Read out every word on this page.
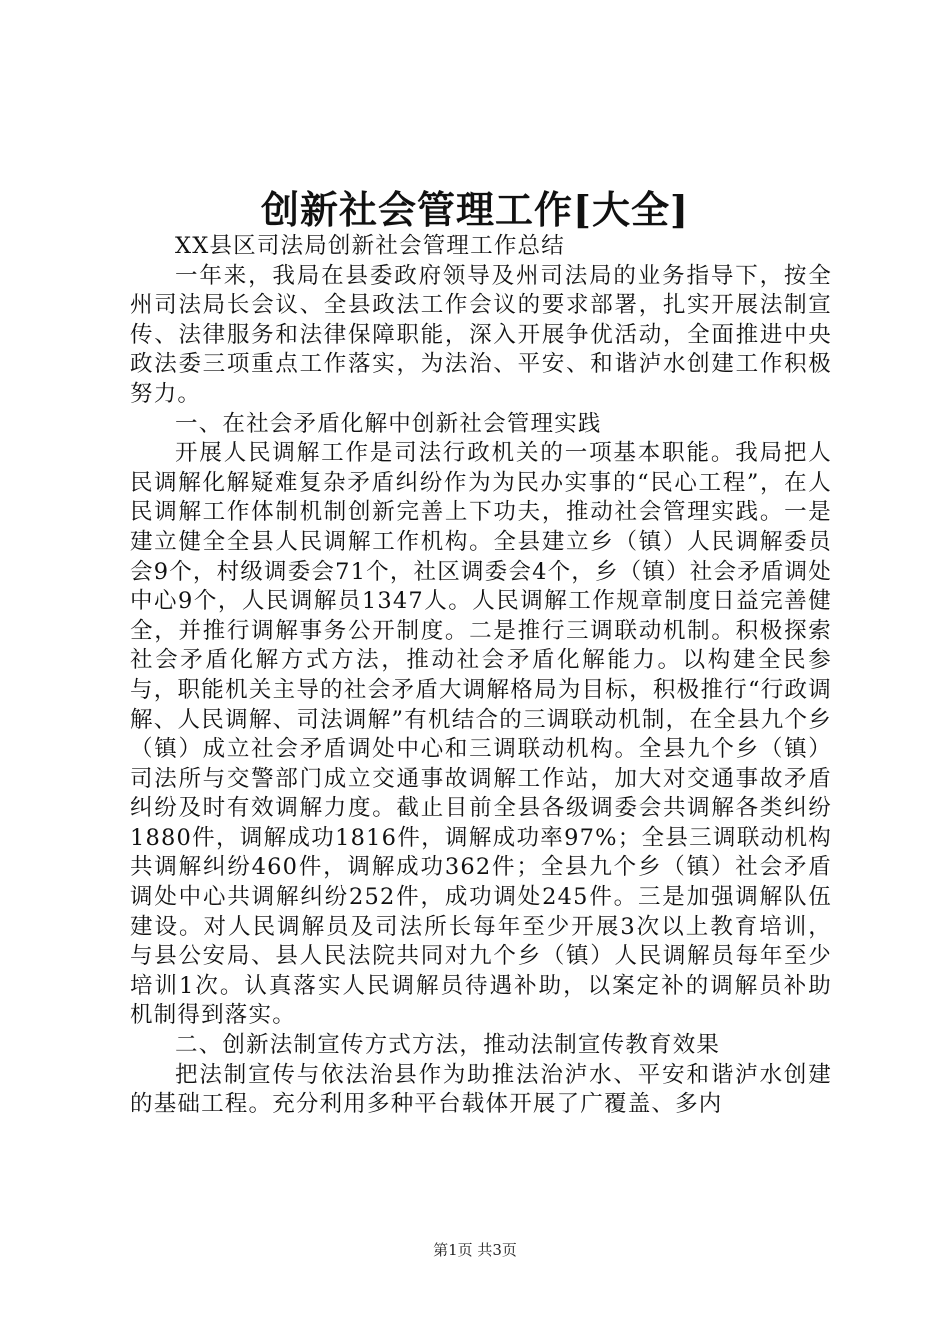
创新社会管理工作[大全]

XX县区司法局创新社会管理工作总结

一年来，我局在县委政府领导及州司法局的业务指导下，按全州司法局长会议、全县政法工作会议的要求部署，扎实开展法制宣传、法律服务和法律保障职能，深入开展争优活动，全面推进中央政法委三项重点工作落实，为法治、平安、和谐泸水创建工作积极努力。

一、在社会矛盾化解中创新社会管理实践

开展人民调解工作是司法行政机关的一项基本职能。我局把人民调解化解疑难复杂矛盾纠纷作为为民办实事的“民心工程”，在人民调解工作体制机制创新完善上下功夫，推动社会管理实践。一是建立健全全县人民调解工作机构。全县建立乡（镇）人民调解委员会9个，村级调委会71个，社区调委会4个，乡（镇）社会矛盾调处中心9个，人民调解员1347人。人民调解工作规章制度日益完善健全，并推行调解事务公开制度。二是推行三调联动机制。积极探索社会矛盾化解方式方法，推动社会矛盾化解能力。以构建全民参与，职能机关主导的社会矛盾大调解格局为目标，积极推行“行政调解、人民调解、司法调解”有机结合的三调联动机制，在全县九个乡（镇）成立社会矛盾调处中心和三调联动机构。全县九个乡（镇）司法所与交警部门成立交通事故调解工作站，加大对交通事故矛盾纠纷及时有效调解力度。截止目前全县各级调委会共调解各类纠纷1880件，调解成功1816件，调解成功率97%；全县三调联动机构共调解纠纷460件，调解成功362件；全县九个乡（镇）社会矛盾调处中心共调解纠纷252件，成功调处245件。三是加强调解队伍建设。对人民调解员及司法所长每年至少开展3次以上教育培训，与县公安局、县人民法院共同对九个乡（镇）人民调解员每年至少培训1次。认真落实人民调解员待遇补助，以案定补的调解员补助机制得到落实。

二、创新法制宣传方式方法，推动法制宣传教育效果

把法制宣传与依法治县作为助推法治泸水、平安和谐泸水创建的基础工程。充分利用多种平台载体开展了广覆盖、多内

第1页 共3页
